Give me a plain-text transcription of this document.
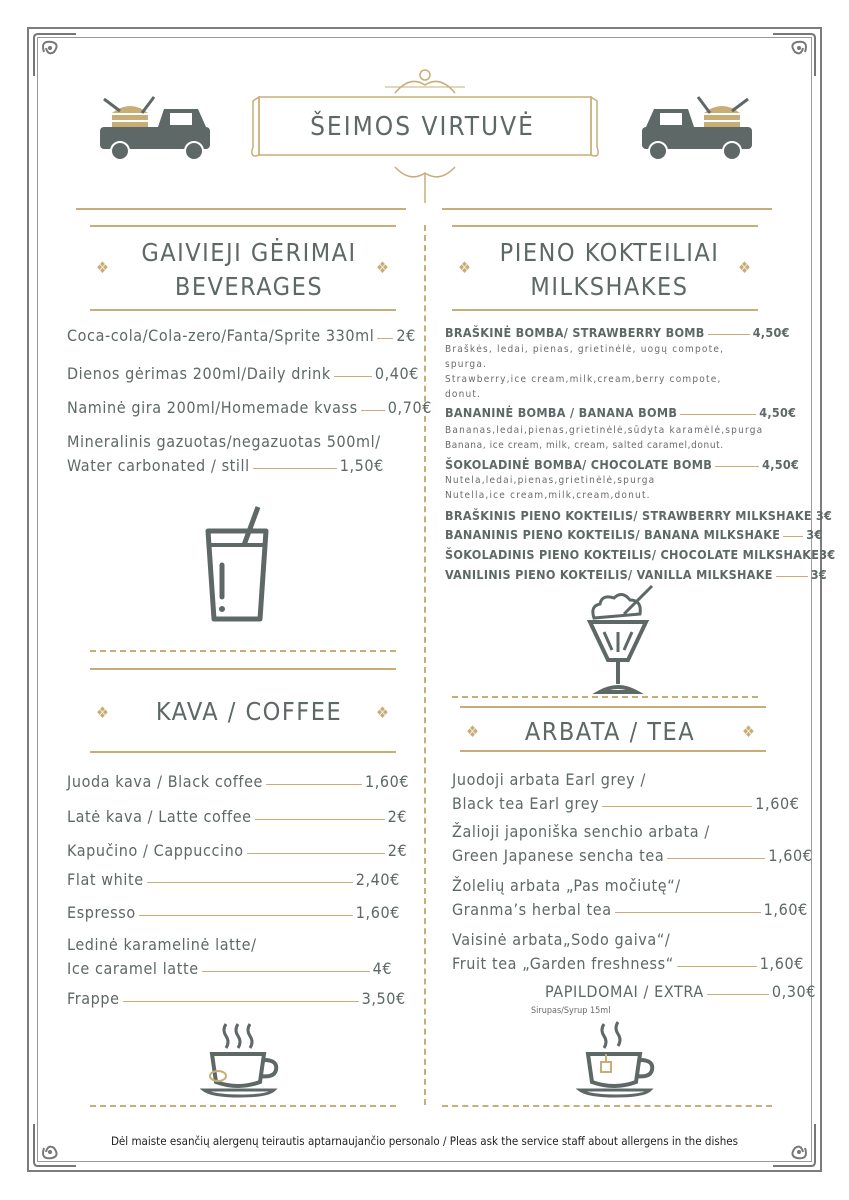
ŠEIMOS VIRTUVĖ
GAIVIEJI GĖRIMAI
BEVERAGES
❖	❖
Coca-cola/Cola-zero/Fanta/Sprite 330ml 2€
Dienos gėrimas 200ml/Daily drink	0,40€
Naminė gira 200ml/Homemade kvass 0,70€
Mineralinis gazuotas/negazuotas 500ml/
Water carbonated / still	1,50€
KAVA / COFFEE
❖	❖
Juoda kava / Black coffee	1,60€
Latė kava / Latte coffee	2€
Kapučino / Cappuccino	2€
Flat white	2,40€
Espresso	1,60€
Ledinė karamelinė latte/
Ice caramel latte	4€
Frappe	3,50€
PIENO KOKTEILIAI
MILKSHAKES
❖	❖
BRAŠKINĖ BOMBA/ STRAWBERRY BOMB	4,50€
Braškės, ledai, pienas, grietinėlė, uogų compote,
spurga.
Strawberry,ice cream,milk,cream,berry compote,
donut.
BANANINĖ BOMBA / BANANA BOMB	4,50€
Bananas,ledai,pienas,grietinėlė,sūdyta karamėlė,spurga
Banana, ice cream, milk, cream, salted caramel,donut.
ŠOKOLADINĖ BOMBA/ CHOCOLATE BOMB	4,50€
Nutela,ledai,pienas,grietinėlė,spurga
Nutella,ice cream,milk,cream,donut.
BRAŠKINIS PIENO KOKTEILIS/ STRAWBERRY MILKSHAKE 3€
BANANINIS PIENO KOKTEILIS/ BANANA MILKSHAKE 3€
ŠOKOLADINIS PIENO KOKTEILIS/ CHOCOLATE MILKSHAKE3€
VANILINIS PIENO KOKTEILIS/ VANILLA MILKSHAKE	3€
ARBATA / TEA
❖	❖
Juodoji arbata Earl grey /
Black tea Earl grey	1,60€
Žalioji japoniška senchio arbata /
Green Japanese sencha tea	1,60€
Žolelių arbata „Pas močiutę“/
Granma’s herbal tea	1,60€
Vaisinė arbata„Sodo gaiva“/
Fruit tea „Garden freshness“	1,60€
PAPILDOMAI / EXTRA	0,30€
Sirupas/Syrup 15ml
Dėl maiste esančių alergenų teirautis aptarnaujančio personalo / Pleas ask the service staff about allergens in the dishes
